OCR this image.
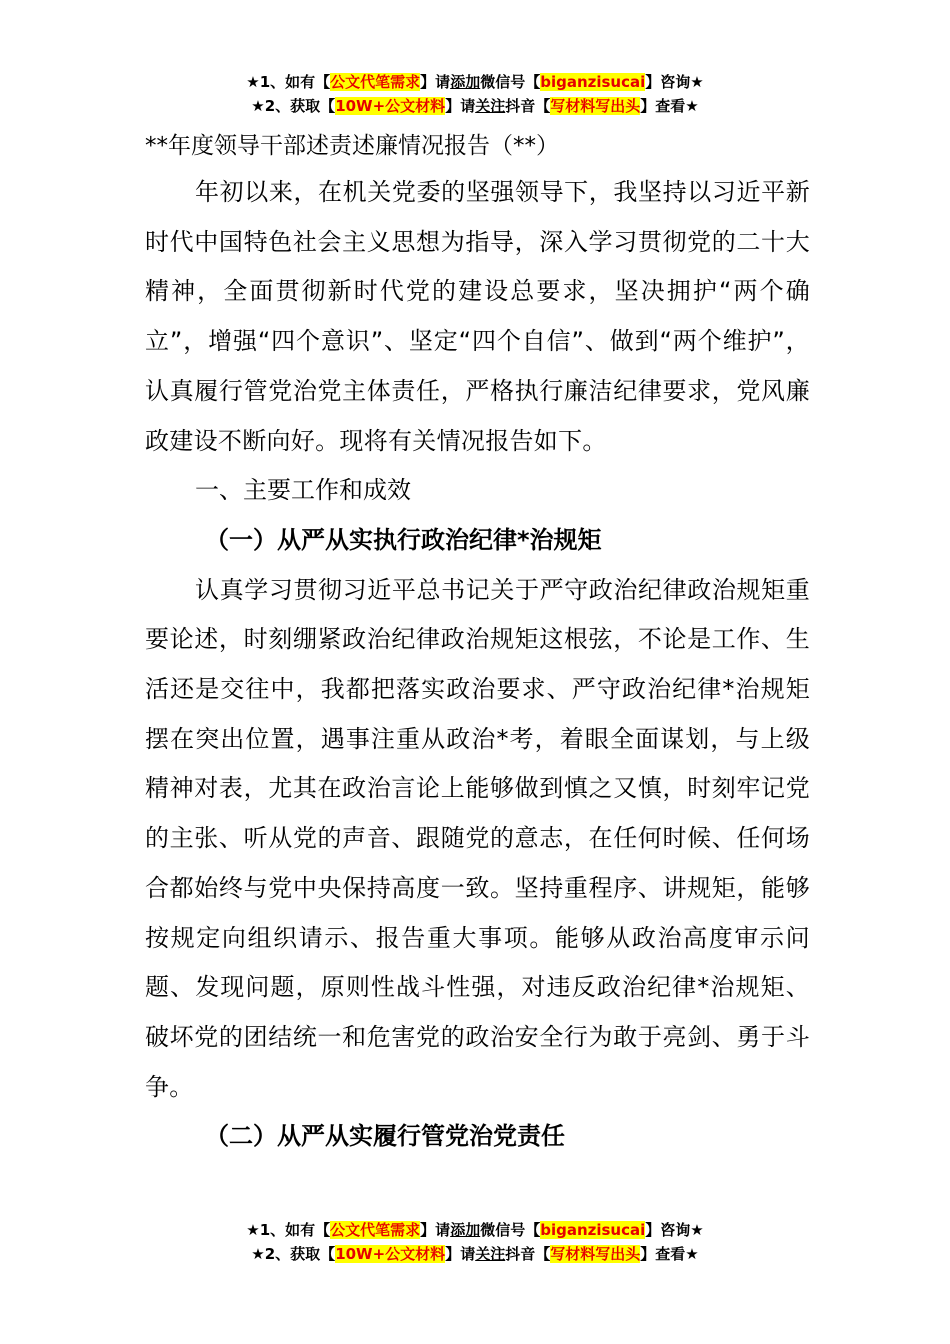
★1、如有【公文代笔需求】请添加微信号【biganzisucai】咨询★
★2、获取【10W+公文材料】请关注抖音【写材料写出头】查看★

**年度领导干部述责述廉情况报告（**）

年初以来，在机关党委的坚强领导下，我坚持以习近平新时代中国特色社会主义思想为指导，深入学习贯彻党的二十大精神，全面贯彻新时代党的建设总要求，坚决拥护“两个确立”，增强“四个意识”、坚定“四个自信”、做到“两个维护”，认真履行管党治党主体责任，严格执行廉洁纪律要求，党风廉政建设不断向好。现将有关情况报告如下。

一、主要工作和成效

（一）从严从实执行政治纪律*治规矩

认真学习贯彻习近平总书记关于严守政治纪律政治规矩重要论述，时刻绷紧政治纪律政治规矩这根弦，不论是工作、生活还是交往中，我都把落实政治要求、严守政治纪律*治规矩摆在突出位置，遇事注重从政治*考，着眼全面谋划，与上级精神对表，尤其在政治言论上能够做到慎之又慎，时刻牢记党的主张、听从党的声音、跟随党的意志，在任何时候、任何场合都始终与党中央保持高度一致。坚持重程序、讲规矩，能够按规定向组织请示、报告重大事项。能够从政治高度审示问题、发现问题，原则性战斗性强，对违反政治纪律*治规矩、破坏党的团结统一和危害党的政治安全行为敢于亮剑、勇于斗争。

（二）从严从实履行管党治党责任

★1、如有【公文代笔需求】请添加微信号【biganzisucai】咨询★
★2、获取【10W+公文材料】请关注抖音【写材料写出头】查看★
